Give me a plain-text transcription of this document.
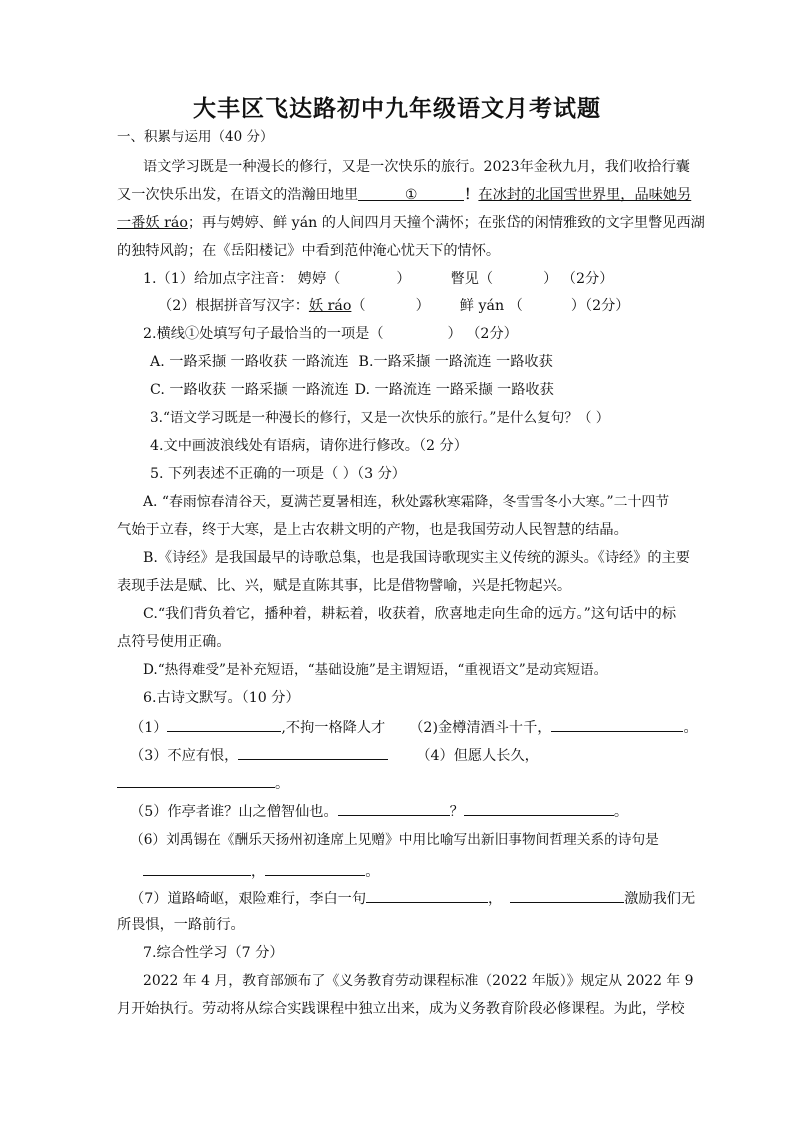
大丰区飞达路初中九年级语文月考试题
一、积累与运用（40 分）
语文学习既是一种漫长的修行，又是一次快乐的旅行。2023年金秋九月，我们收拾行囊
又一次快乐出发，在语文的浩瀚田地里	①	！在冰封的北国雪世界里，品味她另
一番妖 ráo；再与娉婷、鲜 yán 的人间四月天撞个满怀；在张岱的闲情雅致的文字里瞥见西湖
的独特风韵；在《岳阳楼记》中看到范仲淹心忧天下的情怀。
1.（1）给加点字注音： 娉婷（	）	瞥见（	） （2分）
（2）根据拼音写汉字：妖 ráo（	） 鲜 yán （	）（2分）
2.横线①处填写句子最恰当的一项是（	） （2分）
A. 一路采撷 一路收获 一路流连 B.一路采撷 一路流连 一路收获
C. 一路收获 一路采撷 一路流连 D. 一路流连 一路采撷 一路收获
3.“语文学习既是一种漫长的修行，又是一次快乐的旅行。”是什么复句？（ ）
4.文中画波浪线处有语病，请你进行修改。（2 分）
5. 下列表述不正确的一项是（ ）（3 分）
A. “春雨惊春清谷天，夏满芒夏暑相连，秋处露秋寒霜降，冬雪雪冬小大寒。”二十四节
气始于立春，终于大寒，是上古农耕文明的产物，也是我国劳动人民智慧的结晶。
B.《诗经》是我国最早的诗歌总集，也是我国诗歌现实主义传统的源头。《诗经》的主要
表现手法是赋、比、兴，赋是直陈其事，比是借物譬喻，兴是托物起兴。
C.“我们背负着它，播种着，耕耘着，收获着，欣喜地走向生命的远方。”这句话中的标
点符号使用正确。
D.“热得难受”是补充短语，“基础设施”是主谓短语，“重视语文”是动宾短语。
6.古诗文默写。（10 分）
（1）	,不拘一格降人才 （2)金樽清酒斗十千，	。
（3）不应有恨，	（4）但愿人长久，
。
（5）作亭者谁？山之僧智仙也。	？	。
（6）刘禹锡在《酬乐天扬州初逢席上见赠》中用比喻写出新旧事物间哲理关系的诗句是
，	。
（7）道路崎岖，艰险难行，李白一句	，	激励我们无
所畏惧，一路前行。
7.综合性学习（7 分）
2022 年 4 月，教育部颁布了《义务教育劳动课程标准（2022 年版）》规定从 2022 年 9
月开始执行。劳动将从综合实践课程中独立出来，成为义务教育阶段必修课程。为此，学校
